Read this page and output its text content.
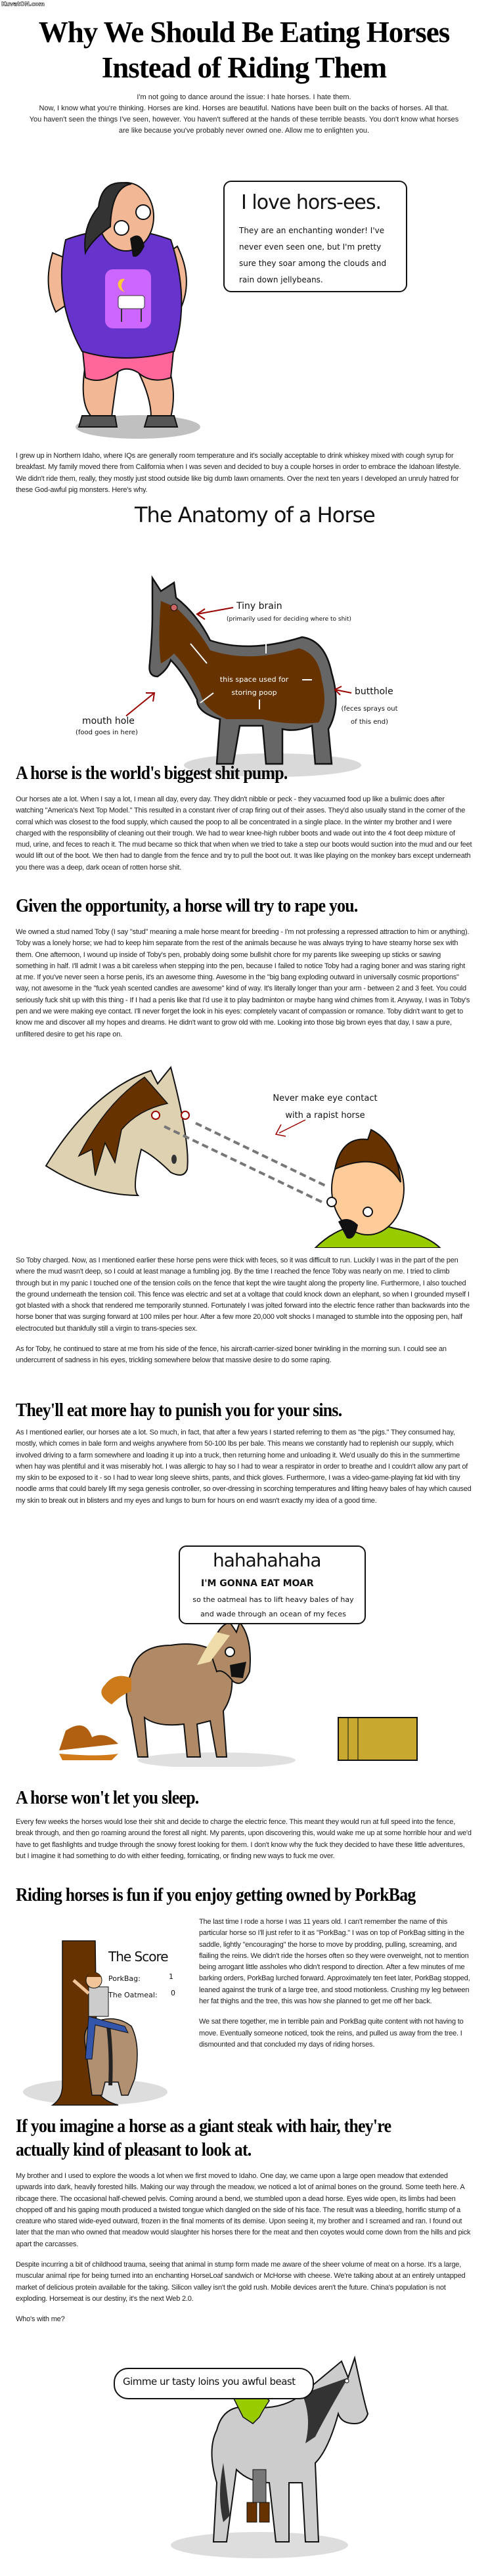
KuvatON.com
Why We Should Be Eating Horses
Instead of Riding Them

I'm not going to dance around the issue: I hate horses. I hate them.

Now, I know what you're thinking. Horses are kind. Horses are beautiful. Nations have been built on the backs of horses. All that.

You haven't seen the things I've seen, however. You haven't suffered at the hands of these terrible beasts. You don't know what horses are like because you've probably never owned one. Allow me to enlighten you.

I love hors-ees.
They are an enchanting wonder! I've never even seen one, but I'm pretty sure they soar among the clouds and rain down jellybeans.

I grew up in Northern Idaho, where IQs are generally room temperature and it's socially acceptable to drink whiskey mixed with cough syrup for breakfast. My family moved there from California when I was seven and decided to buy a couple horses in order to embrace the Idahoan lifestyle. We didn't ride them, really, they mostly just stood outside like big dumb lawn ornaments. Over the next ten years I developed an unruly hatred for these God-awful pig monsters. Here's why.

The Anatomy of a Horse
Tiny brain
(primarily used for deciding where to shit)
this space used for storing poop	butthole
(feces sprays out of this end)
mouth hole
(food goes in here)
A horse is the world's biggest shit pump.

Our horses ate a lot. When I say a lot, I mean all day, every day. They didn't nibble or peck - they vacuumed food up like a bulimic does after watching "America's Next Top Model." This resulted in a constant river of crap firing out of their asses. They'd also usually stand in the corner of the corral which was closest to the food supply, which caused the poop to all be concentrated in a single place. In the winter my brother and I were charged with the responsibility of cleaning out their trough. We had to wear knee-high rubber boots and wade out into the 4 foot deep mixture of mud, urine, and feces to reach it. The mud became so thick that when when we tried to take a step our boots would suction into the mud and our feet would lift out of the boot. We then had to dangle from the fence and try to pull the boot out. It was like playing on the monkey bars except underneath you there was a deep, dark ocean of rotten horse shit.

Given the opportunity, a horse will try to rape you.

We owned a stud named Toby (I say "stud" meaning a male horse meant for breeding - I'm not professing a repressed attraction to him or anything). Toby was a lonely horse; we had to keep him separate from the rest of the animals because he was always trying to have steamy horse sex with them. One afternoon, I wound up inside of Toby's pen, probably doing some bullshit chore for my parents like sweeping up sticks or sawing something in half. I'll admit I was a bit careless when stepping into the pen, because I failed to notice Toby had a raging boner and was staring right at me. If you've never seen a horse penis, it's an awesome thing. Awesome in the "big bang exploding outward in universally cosmic proportions" way, not awesome in the "fuck yeah scented candles are awesome" kind of way. It's literally longer than your arm - between 2 and 3 feet. You could seriously fuck shit up with this thing - If I had a penis like that I'd use it to play badminton or maybe hang wind chimes from it. Anyway, I was in Toby's pen and we were making eye contact. I'll never forget the look in his eyes: completely vacant of compassion or romance. Toby didn't want to get to know me and discover all my hopes and dreams. He didn't want to grow old with me. Looking into those big brown eyes that day, I saw a pure, unfiltered desire to get his rape on.

Never make eye contact with a rapist horse

So Toby charged. Now, as I mentioned earlier these horse pens were thick with feces, so it was difficult to run. Luckily I was in the part of the pen where the mud wasn't deep, so I could at least manage a fumbling jog. By the time I reached the fence Toby was nearly on me. I tried to climb through but in my panic I touched one of the tension coils on the fence that kept the wire taught along the property line. Furthermore, I also touched the ground underneath the tension coil. This fence was electric and set at a voltage that could knock down an elephant, so when I grounded myself I got blasted with a shock that rendered me temporarily stunned. Fortunately I was jolted forward into the electric fence rather than backwards into the horse boner that was surging forward at 100 miles per hour. After a few more 20,000 volt shocks I managed to stumble into the opposing pen, half electrocuted but thankfully still a virgin to trans-species sex.

As for Toby, he continued to stare at me from his side of the fence, his aircraft-carrier-sized boner twinkling in the morning sun. I could see an undercurrent of sadness in his eyes, trickling somewhere below that massive desire to do some raping.

They'll eat more hay to punish you for your sins.

As I mentioned earlier, our horses ate a lot. So much, in fact, that after a few years I started referring to them as "the pigs." They consumed hay, mostly, which comes in bale form and weighs anywhere from 50-100 lbs per bale. This means we constantly had to replenish our supply, which involved driving to a farm somewhere and loading it up into a truck, then returning home and unloading it. We'd usually do this in the summertime when hay was plentiful and it was miserably hot. I was allergic to hay so I had to wear a respirator in order to breathe and I couldn't allow any part of my skin to be exposed to it - so I had to wear long sleeve shirts, pants, and thick gloves. Furthermore, I was a video-game-playing fat kid with tiny noodle arms that could barely lift my sega genesis controller, so over-dressing in scorching temperatures and lifting heavy bales of hay which caused my skin to break out in blisters and my eyes and lungs to burn for hours on end wasn't exactly my idea of a good time.

hahahahaha
I'M GONNA EAT MOAR
so the oatmeal has to lift heavy bales of hay and wade through an ocean of my feces
A horse won't let you sleep.

Every few weeks the horses would lose their shit and decide to charge the electric fence. This meant they would run at full speed into the fence, break through, and then go roaming around the forest all night. My parents, upon discovering this, would wake me up at some horrible hour and we'd have to get flashlights and trudge through the snowy forest looking for them. I don't know why the fuck they decided to have these little adventures, but I imagine it had something to do with either feeding, fornicating, or finding new ways to fuck me over.

Riding horses is fun if you enjoy getting owned by PorkBag
The Score
PorkBag:	1
The Oatmeal: 0

The last time I rode a horse I was 11 years old. I can't remember the name of this particular horse so I'll just refer to it as "PorkBag." I was on top of PorkBag sitting in the saddle, lightly "encouraging" the horse to move by prodding, pulling, screaming, and flailing the reins. We didn't ride the horses often so they were overweight, not to mention being arrogant little assholes who didn't respond to direction. After a few minutes of me barking orders, PorkBag lurched forward. Approximately ten feet later, PorkBag stopped, leaned against the trunk of a large tree, and stood motionless. Crushing my leg between her fat thighs and the tree, this was how she planned to get me off her back.

We sat there together, me in terrible pain and PorkBag quite content with not having to move. Eventually someone noticed, took the reins, and pulled us away from the tree. I dismounted and that concluded my days of riding horses.

If you imagine a horse as a giant steak with hair, they're actually kind of pleasant to look at.

My brother and I used to explore the woods a lot when we first moved to Idaho. One day, we came upon a large open meadow that extended upwards into dark, heavily forested hills. Making our way through the meadow, we noticed a lot of animal bones on the ground. Some teeth here. A ribcage there. The occasional half-chewed pelvis. Coming around a bend, we stumbled upon a dead horse. Eyes wide open, its limbs had been chopped off and his gaping mouth produced a twisted tongue which dangled on the side of his face. The result was a bleeding, horrific stump of a creature who stared wide-eyed outward, frozen in the final moments of its demise. Upon seeing it, my brother and I screamed and ran. I found out later that the man who owned that meadow would slaughter his horses there for the meat and then coyotes would come down from the hills and pick apart the carcasses.

Despite incurring a bit of childhood trauma, seeing that animal in stump form made me aware of the sheer volume of meat on a horse. It's a large, muscular animal ripe for being turned into an enchanting HorseLoaf sandwich or McHorse with cheese. We're talking about at an entirely untapped market of delicious protein available for the taking. Silicon valley isn't the gold rush. Mobile devices aren't the future. China's population is not exploding. Horsemeat is our destiny, it's the next Web 2.0.

Who's with me?

Gimme ur tasty loins you awful beast
